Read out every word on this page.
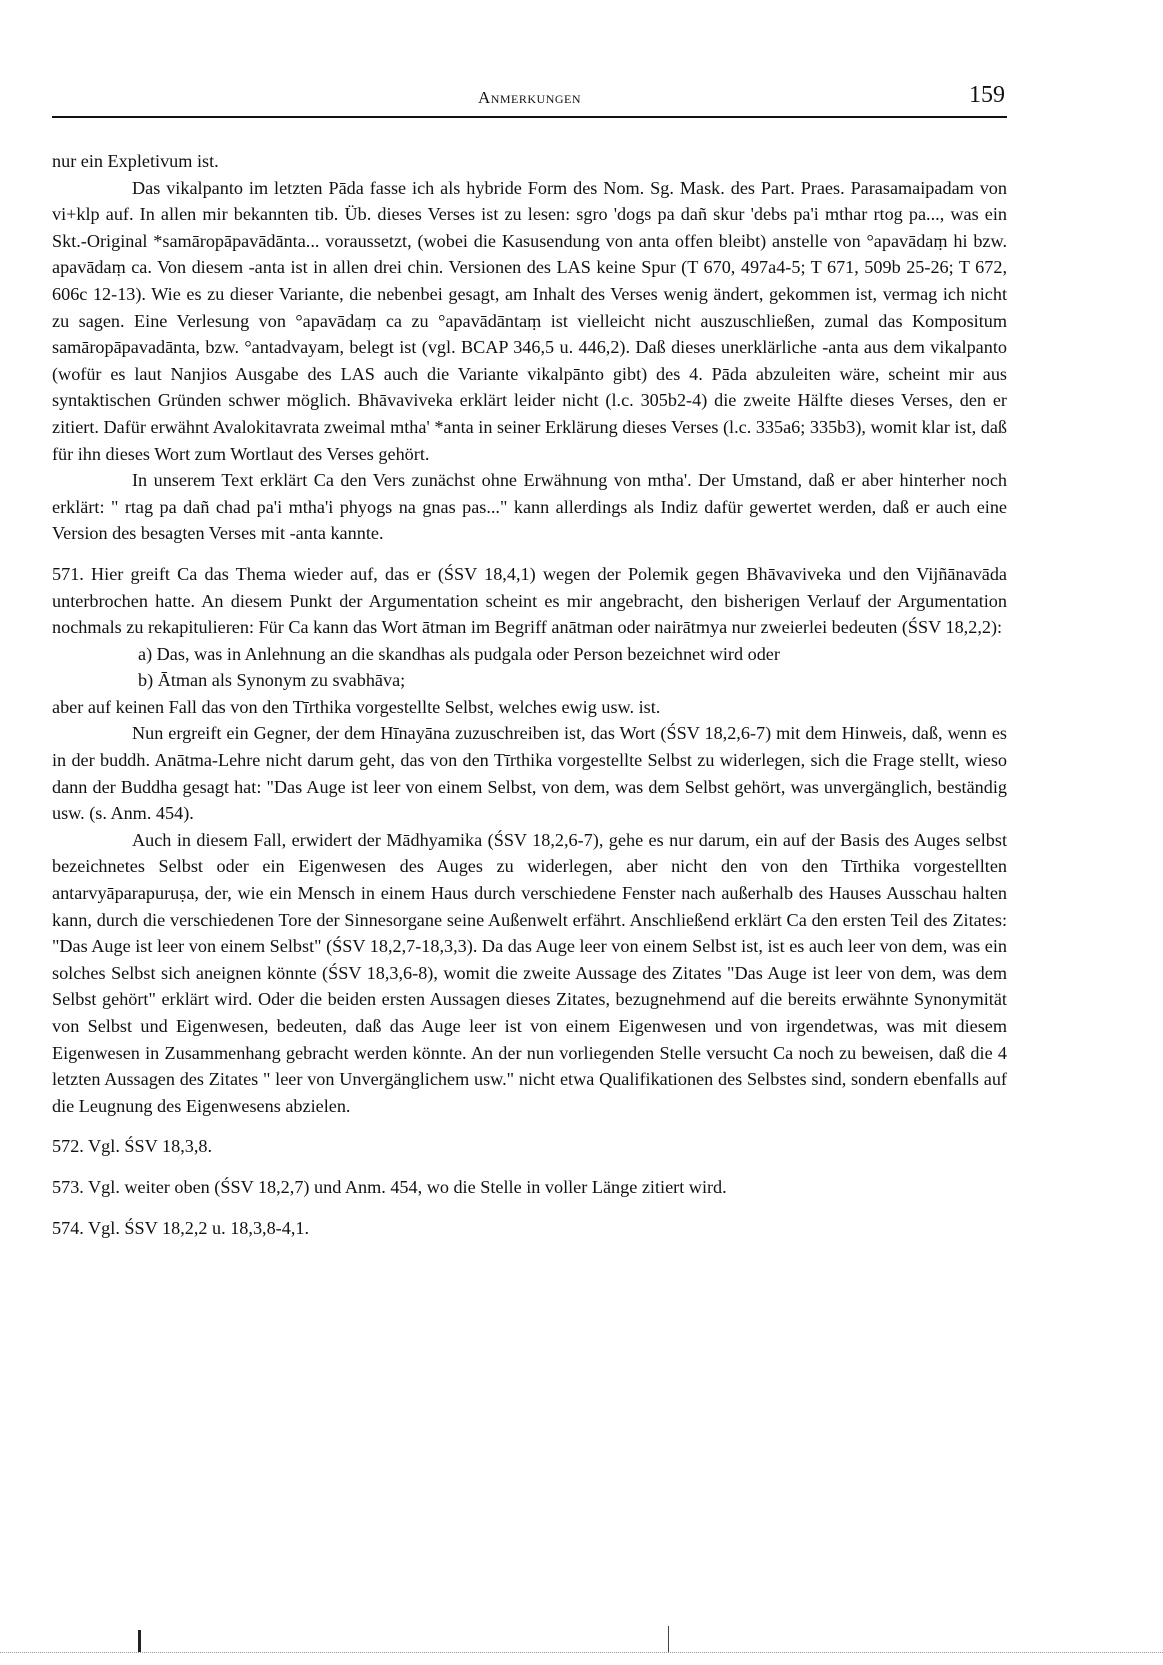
Anmerkungen	159

nur ein Expletivum ist.

Das vikalpanto im letzten Pāda fasse ich als hybride Form des Nom. Sg. Mask. des Part. Praes. Parasamaipadam von vi+klp auf. In allen mir bekannten tib. Üb. dieses Verses ist zu lesen: sgro 'dogs pa dañ skur 'debs pa'i mthar rtog pa..., was ein Skt.-Original *samāropāpavādānta... voraussetzt, (wobei die Kasusendung von anta offen bleibt) anstelle von °apavādaṃ hi bzw. apavādaṃ ca. Von diesem -anta ist in allen drei chin. Versionen des LAS keine Spur (T 670, 497a4-5; T 671, 509b 25-26; T 672, 606c 12-13). Wie es zu dieser Variante, die nebenbei gesagt, am Inhalt des Verses wenig ändert, gekommen ist, vermag ich nicht zu sagen. Eine Verlesung von °apavādaṃ ca zu °apavādāntaṃ ist vielleicht nicht auszuschließen, zumal das Kompositum samāropāpavadānta, bzw. °antadvayam, belegt ist (vgl. BCAP 346,5 u. 446,2). Daß dieses unerklärliche -anta aus dem vikalpanto (wofür es laut Nanjios Ausgabe des LAS auch die Variante vikalpānto gibt) des 4. Pāda abzuleiten wäre, scheint mir aus syntaktischen Gründen schwer möglich. Bhāvaviveka erklärt leider nicht (l.c. 305b2-4) die zweite Hälfte dieses Verses, den er zitiert. Dafür erwähnt Avalokitavrata zweimal mtha' *anta in seiner Erklärung dieses Verses (l.c. 335a6; 335b3), womit klar ist, daß für ihn dieses Wort zum Wortlaut des Verses gehört.

In unserem Text erklärt Ca den Vers zunächst ohne Erwähnung von mtha'. Der Umstand, daß er aber hinterher noch erklärt: " rtag pa dañ chad pa'i mtha'i phyogs na gnas pas..." kann allerdings als Indiz dafür gewertet werden, daß er auch eine Version des besagten Verses mit -anta kannte.

571. Hier greift Ca das Thema wieder auf, das er (ŚSV 18,4,1) wegen der Polemik gegen Bhāvaviveka und den Vijñānavāda unterbrochen hatte. An diesem Punkt der Argumentation scheint es mir angebracht, den bisherigen Verlauf der Argumentation nochmals zu rekapitulieren: Für Ca kann das Wort ātman im Begriff anātman oder nairātmya nur zweierlei bedeuten (ŚSV 18,2,2):

a) Das, was in Anlehnung an die skandhas als pudgala oder Person bezeichnet wird oder

b) Ātman als Synonym zu svabhāva;

aber auf keinen Fall das von den Tīrthika vorgestellte Selbst, welches ewig usw. ist.

Nun ergreift ein Gegner, der dem Hīnayāna zuzuschreiben ist, das Wort (ŚSV 18,2,6-7) mit dem Hinweis, daß, wenn es in der buddh. Anātma-Lehre nicht darum geht, das von den Tīrthika vorgestellte Selbst zu widerlegen, sich die Frage stellt, wieso dann der Buddha gesagt hat: "Das Auge ist leer von einem Selbst, von dem, was dem Selbst gehört, was unvergänglich, beständig usw. (s. Anm. 454).

Auch in diesem Fall, erwidert der Mādhyamika (ŚSV 18,2,6-7), gehe es nur darum, ein auf der Basis des Auges selbst bezeichnetes Selbst oder ein Eigenwesen des Auges zu widerlegen, aber nicht den von den Tīrthika vorgestellten antarvyāparapuruṣa, der, wie ein Mensch in einem Haus durch verschiedene Fenster nach außerhalb des Hauses Ausschau halten kann, durch die verschiedenen Tore der Sinnesorgane seine Außenwelt erfährt. Anschließend erklärt Ca den ersten Teil des Zitates: "Das Auge ist leer von einem Selbst" (ŚSV 18,2,7-18,3,3). Da das Auge leer von einem Selbst ist, ist es auch leer von dem, was ein solches Selbst sich aneignen könnte (ŚSV 18,3,6-8), womit die zweite Aussage des Zitates "Das Auge ist leer von dem, was dem Selbst gehört" erklärt wird. Oder die beiden ersten Aussagen dieses Zitates, bezugnehmend auf die bereits erwähnte Synonymität von Selbst und Eigenwesen, bedeuten, daß das Auge leer ist von einem Eigenwesen und von irgendetwas, was mit diesem Eigenwesen in Zusammenhang gebracht werden könnte. An der nun vorliegenden Stelle versucht Ca noch zu beweisen, daß die 4 letzten Aussagen des Zitates " leer von Unvergänglichem usw." nicht etwa Qualifikationen des Selbstes sind, sondern ebenfalls auf die Leugnung des Eigenwesens abzielen.

572. Vgl. ŚSV 18,3,8.

573. Vgl. weiter oben (ŚSV 18,2,7) und Anm. 454, wo die Stelle in voller Länge zitiert wird.

574. Vgl. ŚSV 18,2,2 u. 18,3,8-4,1.
